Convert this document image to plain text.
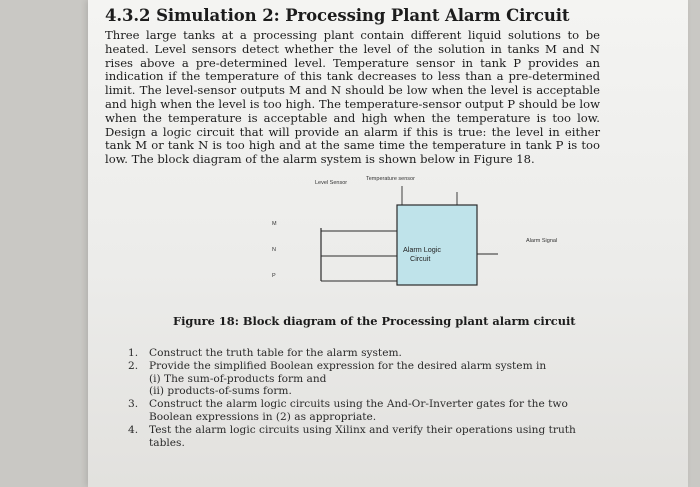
4.3.2 Simulation 2: Processing Plant Alarm Circuit

Three large tanks at a processing plant contain different liquid solutions to be heated. Level sensors detect whether the level of the solution in tanks M and N rises above a pre-determined level. Temperature sensor in tank P provides an indication if the temperature of this tank decreases to less than a pre-determined limit. The level-sensor outputs M and N should be low when the level is acceptable and high when the level is too high. The temperature-sensor output P should be low when the temperature is acceptable and high when the temperature is too low. Design a logic circuit that will provide an alarm if this is true: the level in either tank M or tank N is too high and at the same time the temperature in tank P is too low. The block diagram of the alarm system is shown below in Figure 18.

Level Sensor
Temperature sensor
M
N
P
Alarm Logic
Circuit
Alarm Signal

Figure 18: Block diagram of the Processing plant alarm circuit

1. Construct the truth table for the alarm system.
2. Provide the simplified Boolean expression for the desired alarm system in
(i) The sum-of-products form and
(ii) products-of-sums form.
3. Construct the alarm logic circuits using the And-Or-Inverter gates for the two Boolean expressions in (2) as appropriate.
4. Test the alarm logic circuits using Xilinx and verify their operations using truth tables.
